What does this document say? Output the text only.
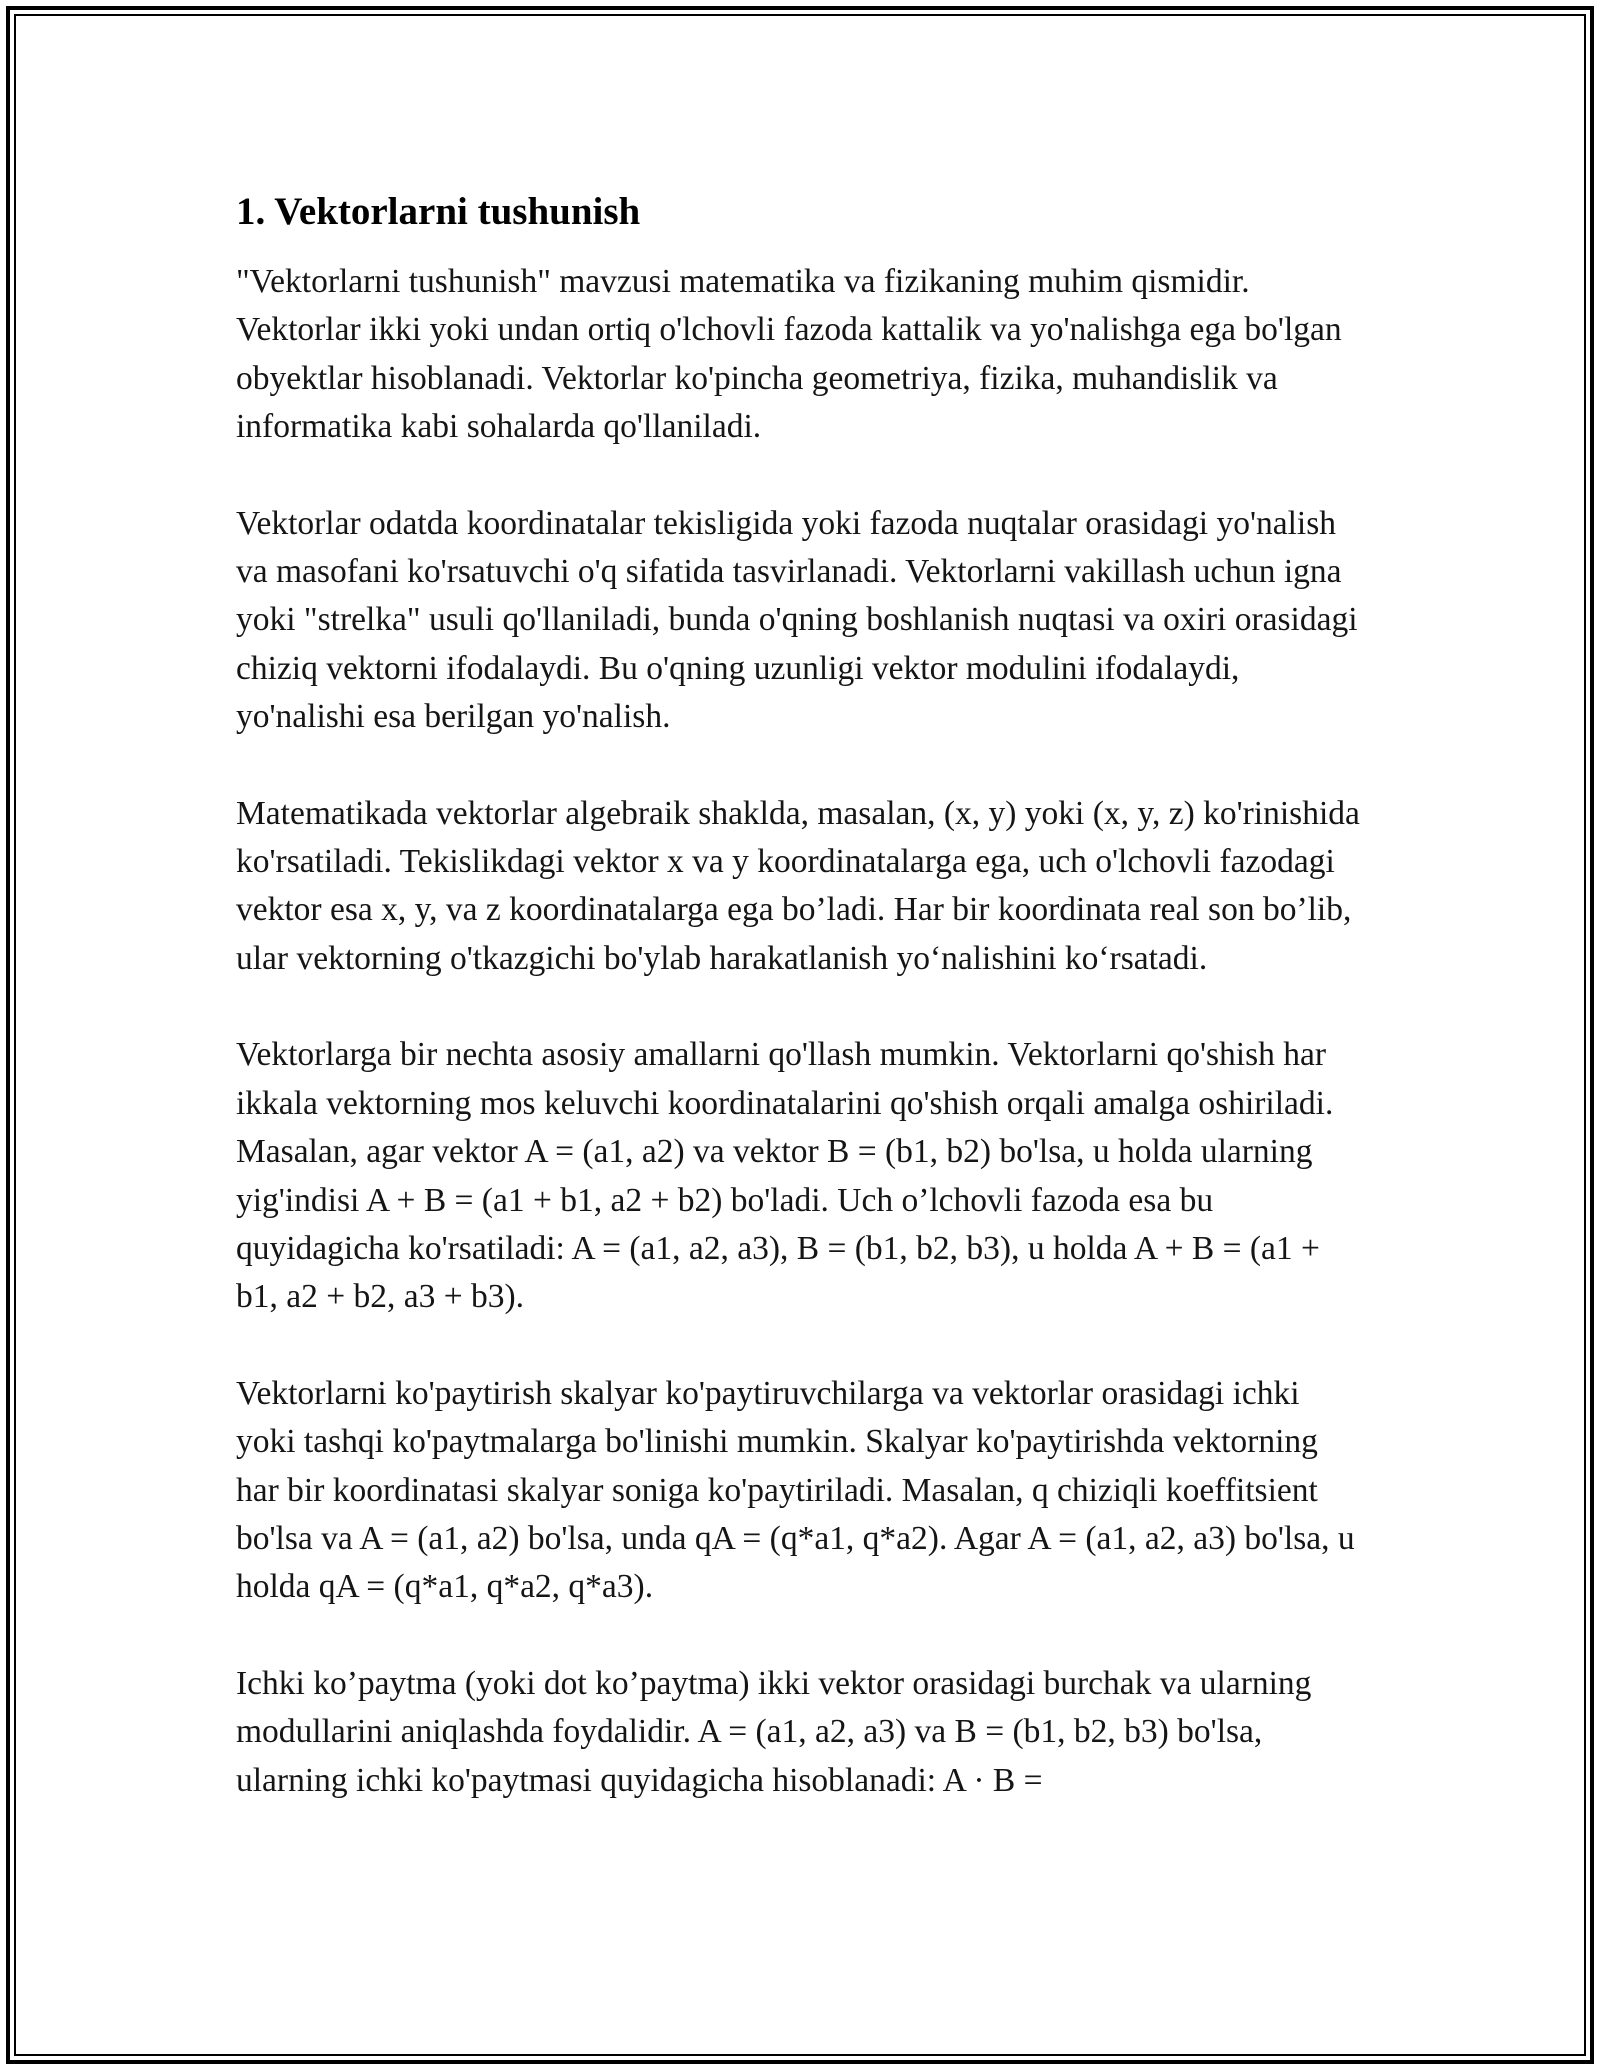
1. Vektorlarni tushunish

"Vektorlarni tushunish" mavzusi matematika va fizikaning muhim qismidir. Vektorlar ikki yoki undan ortiq o'lchovli fazoda kattalik va yo'nalishga ega bo'lgan obyektlar hisoblanadi. Vektorlar ko'pincha geometriya, fizika, muhandislik va informatika kabi sohalarda qo'llaniladi.

Vektorlar odatda koordinatalar tekisligida yoki fazoda nuqtalar orasidagi yo'nalish va masofani ko'rsatuvchi o'q sifatida tasvirlanadi. Vektorlarni vakillash uchun igna yoki "strelka" usuli qo'llaniladi, bunda o'qning boshlanish nuqtasi va oxiri orasidagi chiziq vektorni ifodalaydi. Bu o'qning uzunligi vektor modulini ifodalaydi, yo'nalishi esa berilgan yo'nalish.

Matematikada vektorlar algebraik shaklda, masalan, (x, y) yoki (x, y, z) ko'rinishida ko'rsatiladi. Tekislikdagi vektor x va y koordinatalarga ega, uch o'lchovli fazodagi vektor esa x, y, va z koordinatalarga ega bo’ladi. Har bir koordinata real son bo’lib, ular vektorning o'tkazgichi bo'ylab harakatlanish yo‘nalishini ko‘rsatadi.

Vektorlarga bir nechta asosiy amallarni qo'llash mumkin. Vektorlarni qo'shish har ikkala vektorning mos keluvchi koordinatalarini qo'shish orqali amalga oshiriladi. Masalan, agar vektor A = (a1, a2) va vektor B = (b1, b2) bo'lsa, u holda ularning yig'indisi A + B = (a1 + b1, a2 + b2) bo'ladi. Uch o’lchovli fazoda esa bu quyidagicha ko'rsatiladi: A = (a1, a2, a3), B = (b1, b2, b3), u holda A + B = (a1 + b1, a2 + b2, a3 + b3).

Vektorlarni ko'paytirish skalyar ko'paytiruvchilarga va vektorlar orasidagi ichki yoki tashqi ko'paytmalarga bo'linishi mumkin. Skalyar ko'paytirishda vektorning har bir koordinatasi skalyar soniga ko'paytiriladi. Masalan, q chiziqli koeffitsient bo'lsa va A = (a1, a2) bo'lsa, unda qA = (q*a1, q*a2). Agar A = (a1, a2, a3) bo'lsa, u holda qA = (q*a1, q*a2, q*a3).

Ichki ko’paytma (yoki dot ko’paytma) ikki vektor orasidagi burchak va ularning modullarini aniqlashda foydalidir. A = (a1, a2, a3) va B = (b1, b2, b3) bo'lsa, ularning ichki ko'paytmasi quyidagicha hisoblanadi: A · B =
